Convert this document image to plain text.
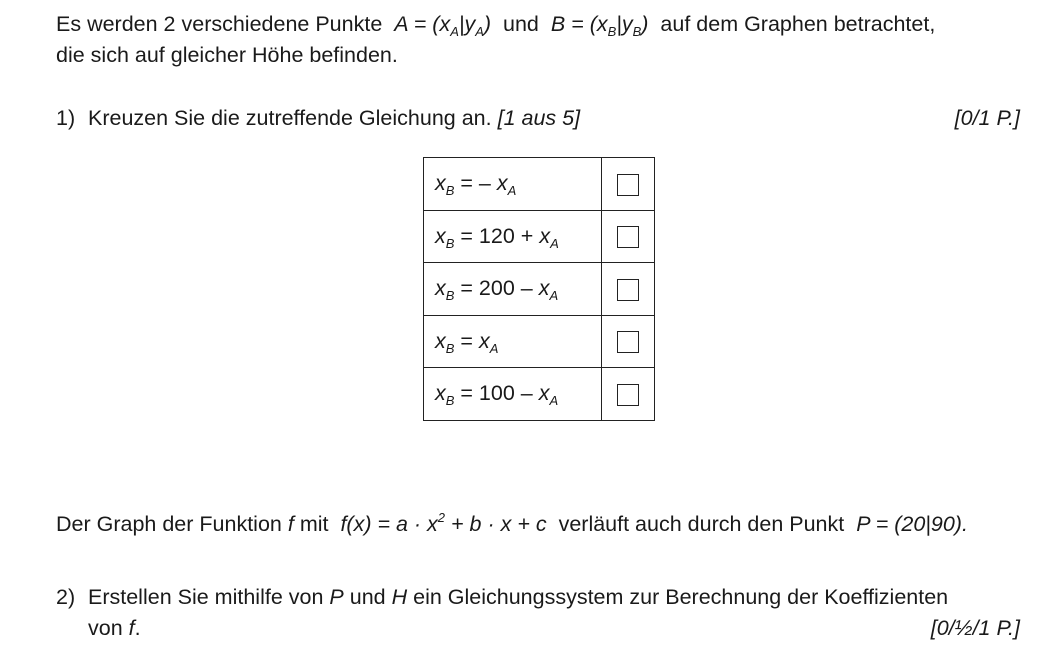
Es werden 2 verschiedene Punkte $A = (x_A|y_A)$ und $B = (x_B|y_B)$ auf dem Graphen betrachtet,
die sich auf gleicher Höhe befinden.
1) Kreuzen Sie die zutreffende Gleichung an. [1 aus 5]	[0/1 P.]
$x_B$ = – $x_A$	
$x_B = 120 + x_A$	
$x_B = 200 - x_A$	
$x_B = x_A$	
$x_B = 100 - x_A$	
Der Graph der Funktion f mit $f(x) = a \cdot x^2 + b \cdot x + c$ verläuft auch durch den Punkt P = (20|90).
2) Erstellen Sie mithilfe von P und H ein Gleichungssystem zur Berechnung der Koeffizienten
von f.	[0/½/1 P.]
